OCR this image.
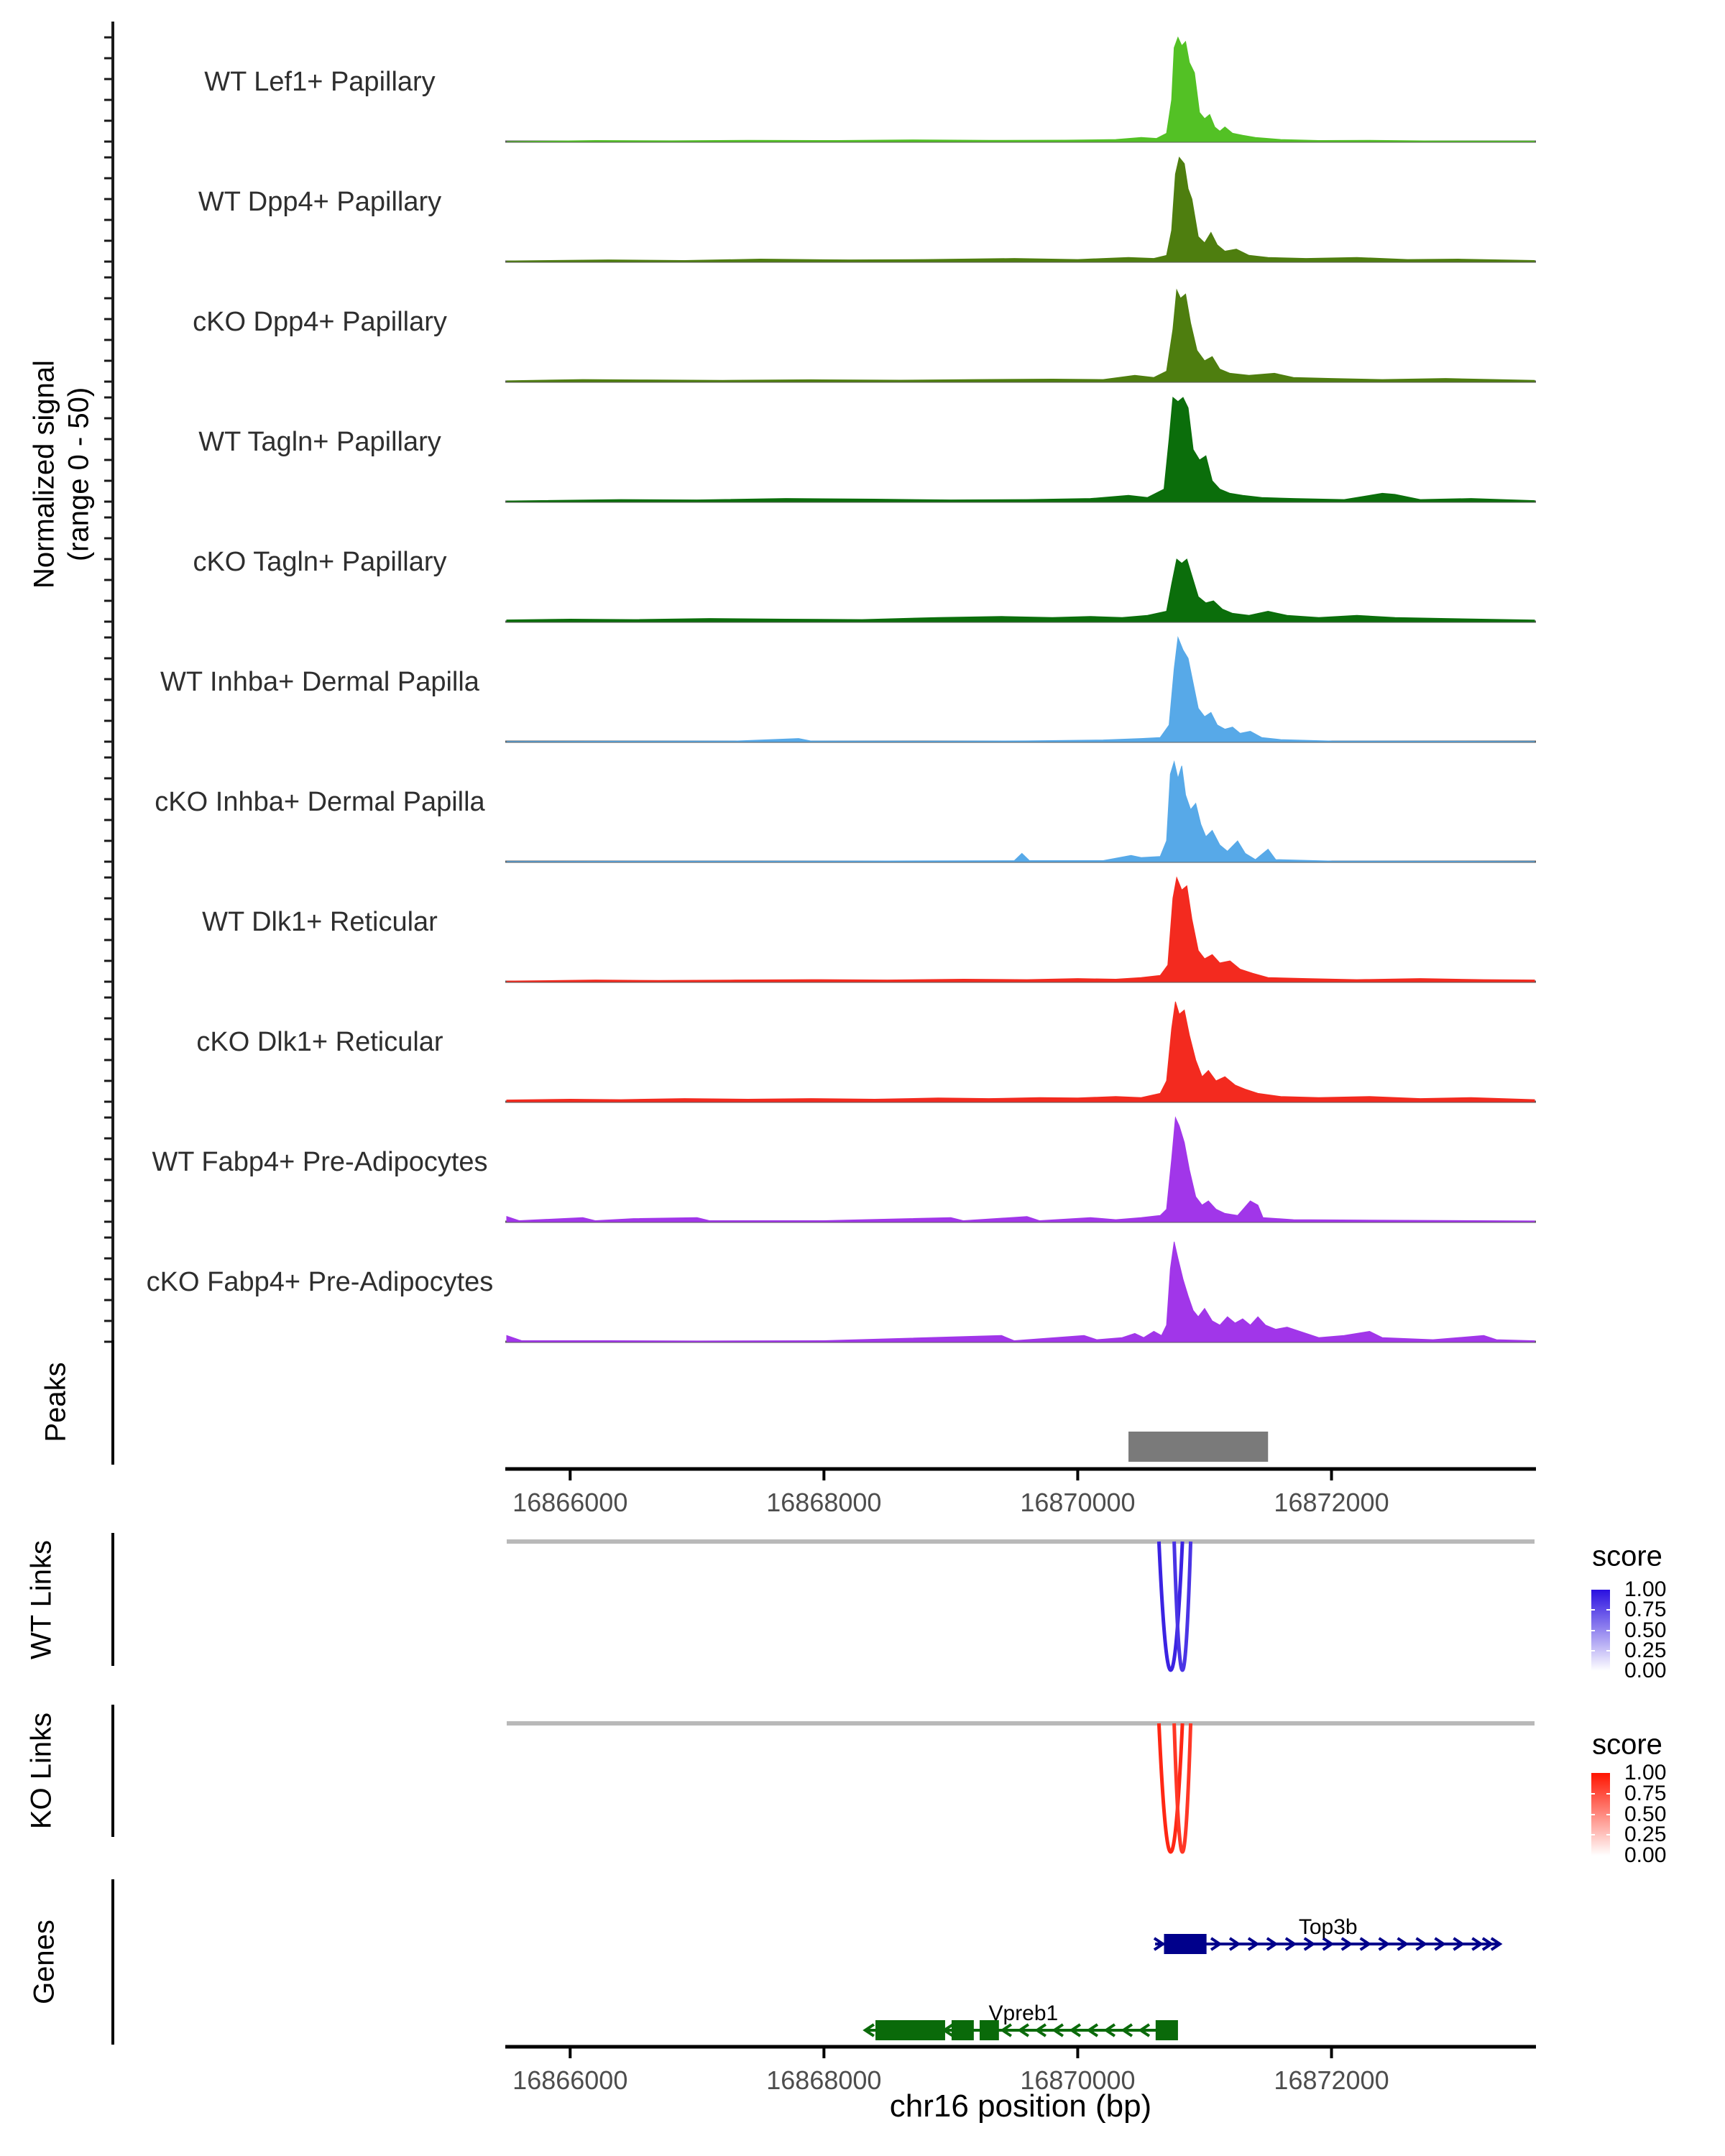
Normalized signal (range 0 - 50)
Peaks
WT Links
KO Links
Genes
chr16 position (bp)
score
score
WT Lef1+ Papillary
WT Dpp4+ Papillary
cKO Dpp4+ Papillary
WT Tagln+ Papillary
cKO Tagln+ Papillary
WT Inhba+ Dermal Papilla
cKO Inhba+ Dermal Papilla
WT Dlk1+ Reticular
cKO Dlk1+ Reticular
WT Fabp4+ Pre-Adipocytes
cKO Fabp4+ Pre-Adipocytes
16866000	16868000	16870000	16872000
16866000	16868000	16870000	16872000
1.00
0.75
0.50
0.25
0.00
1.00
0.75
0.50
0.25
0.00
Top3b
Vpreb1
